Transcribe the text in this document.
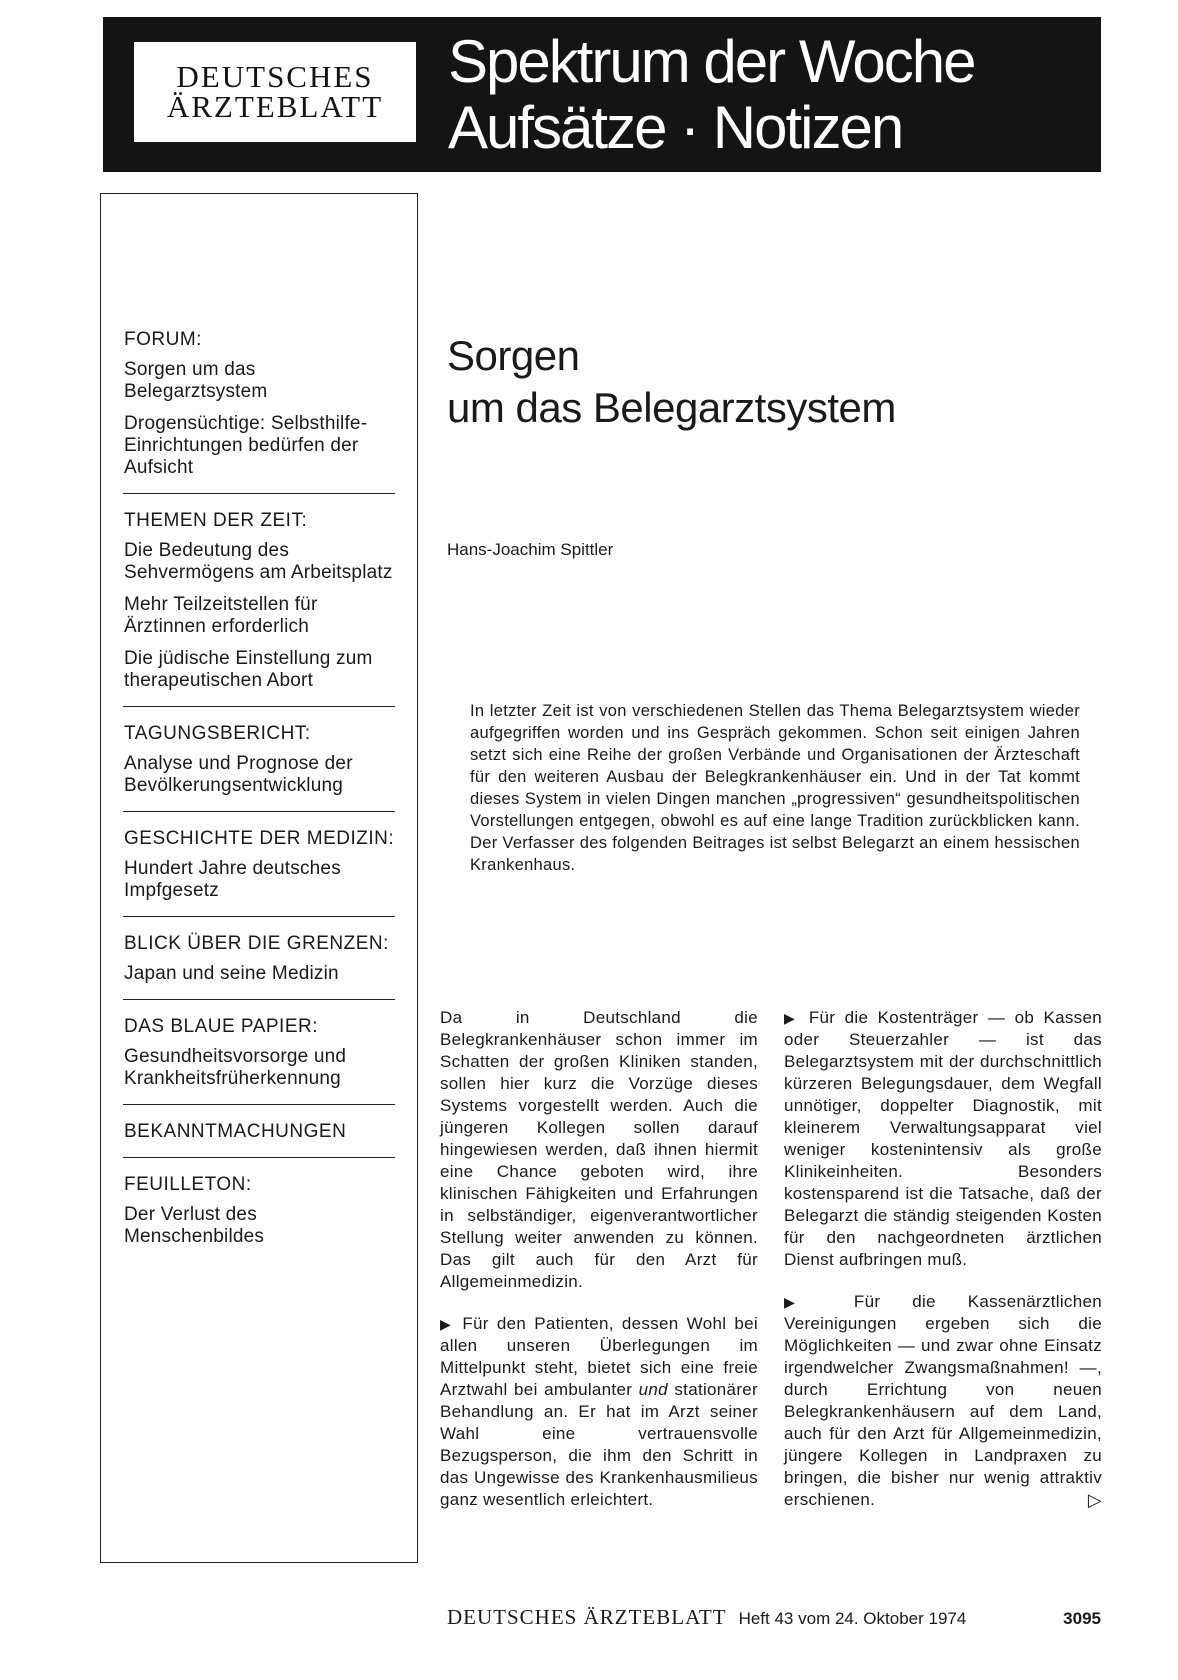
DEUTSCHES
ÄRZTEBLATT
Spektrum der Woche
Aufsätze · Notizen
FORUM:
Sorgen um das Belegarztsystem
Drogensüchtige: Selbsthilfe-Einrichtungen bedürfen der Aufsicht
THEMEN DER ZEIT:
Die Bedeutung des Sehvermögens am Arbeitsplatz
Mehr Teilzeitstellen für Ärztinnen erforderlich
Die jüdische Einstellung zum therapeutischen Abort
TAGUNGSBERICHT:
Analyse und Prognose der Bevölkerungsentwicklung
GESCHICHTE DER MEDIZIN:
Hundert Jahre deutsches Impfgesetz
BLICK ÜBER DIE GRENZEN:
Japan und seine Medizin
DAS BLAUE PAPIER:
Gesundheitsvorsorge und Krankheitsfrüherkennung
BEKANNTMACHUNGEN
FEUILLETON:
Der Verlust des Menschenbildes
Sorgen
um das Belegarztsystem
Hans-Joachim Spittler
In letzter Zeit ist von verschiedenen Stellen das Thema Belegarztsystem wieder aufgegriffen worden und ins Gespräch gekommen. Schon seit einigen Jahren setzt sich eine Reihe der großen Verbände und Organisationen der Ärzteschaft für den weiteren Ausbau der Belegkrankenhäuser ein. Und in der Tat kommt dieses System in vielen Dingen manchen „progressiven“ gesundheitspolitischen Vorstellungen entgegen, obwohl es auf eine lange Tradition zurückblicken kann. Der Verfasser des folgenden Beitrages ist selbst Belegarzt an einem hessischen Krankenhaus.

Da in Deutschland die Belegkrankenhäuser schon immer im Schatten der großen Kliniken standen, sollen hier kurz die Vorzüge dieses Systems vorgestellt werden. Auch die jüngeren Kollegen sollen darauf hingewiesen werden, daß ihnen hiermit eine Chance geboten wird, ihre klinischen Fähigkeiten und Erfahrungen in selbständiger, eigenverantwortlicher Stellung weiter anwenden zu können. Das gilt auch für den Arzt für Allgemeinmedizin.

▶ Für den Patienten, dessen Wohl bei allen unseren Überlegungen im Mittelpunkt steht, bietet sich eine freie Arztwahl bei ambulanter und stationärer Behandlung an. Er hat im Arzt seiner Wahl eine vertrauensvolle Bezugsperson, die ihm den Schritt in das Ungewisse des Krankenhausmilieus ganz wesentlich erleichtert.

▶ Für die Kostenträger — ob Kassen oder Steuerzahler — ist das Belegarztsystem mit der durchschnittlich kürzeren Belegungsdauer, dem Wegfall unnötiger, doppelter Diagnostik, mit kleinerem Verwaltungsapparat viel weniger kostenintensiv als große Klinikeinheiten. Besonders kostensparend ist die Tatsache, daß der Belegarzt die ständig steigenden Kosten für den nachgeordneten ärztlichen Dienst aufbringen muß.

▶ Für die Kassenärztlichen Vereinigungen ergeben sich die Möglichkeiten — und zwar ohne Einsatz irgendwelcher Zwangsmaßnahmen! —, durch Errichtung von neuen Belegkrankenhäusern auf dem Land, auch für den Arzt für Allgemeinmedizin, jüngere Kollegen in Landpraxen zu bringen, die bisher nur wenig attraktiv erschienen.	▷

DEUTSCHES ÄRZTEBLATT Heft 43 vom 24. Oktober 1974	3095
